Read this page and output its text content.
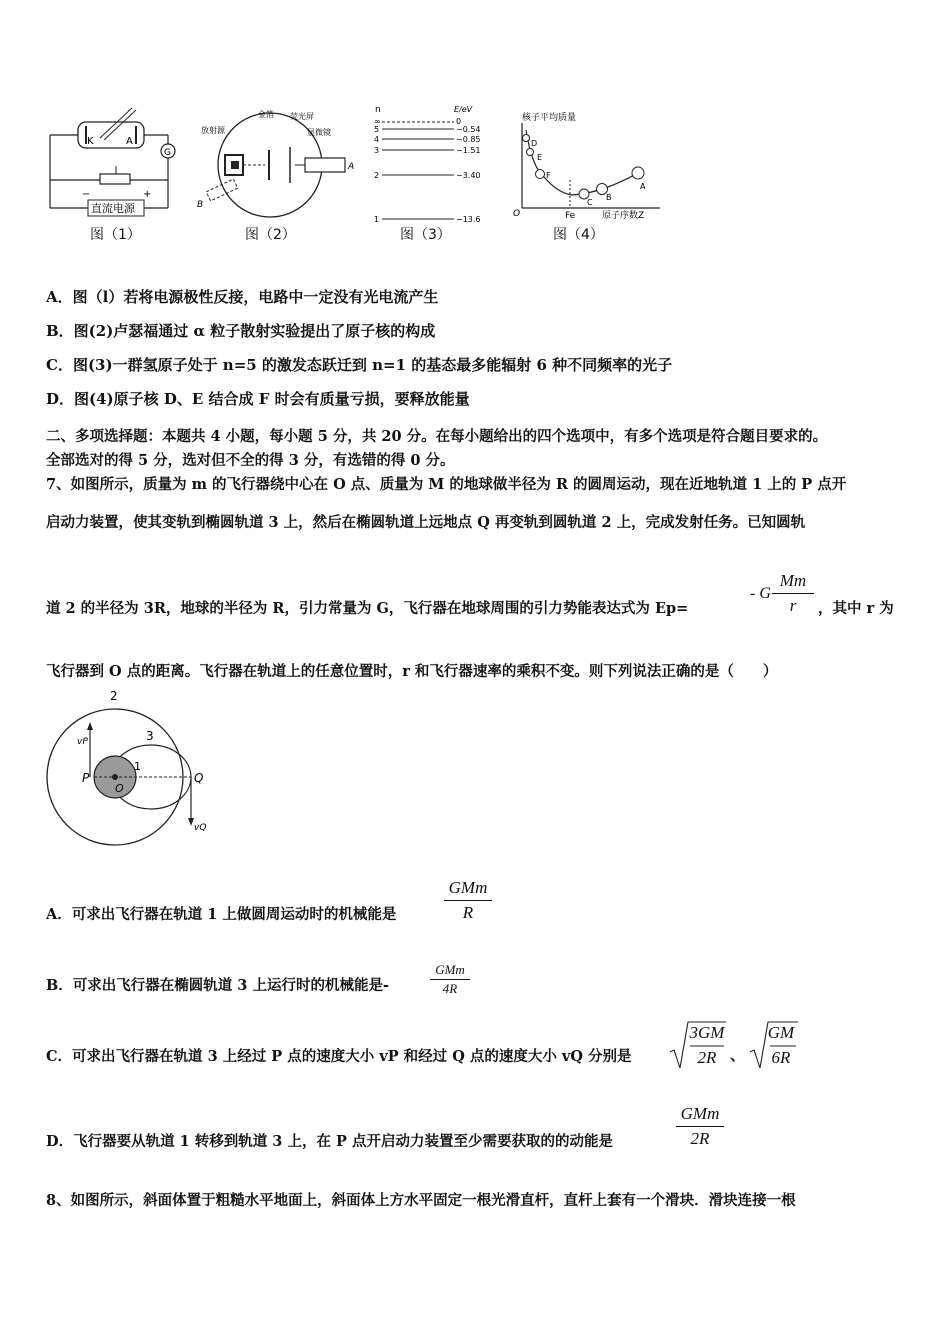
K	A
G
直流电源
−	+
图（1）
金箔
放射源
荧光屏
显微镜
A
B
图（2）
n	E/eV
∞	0
5	−0.54
4	−0.85
3	−1.51
2	−3.40
1	−13.6
图（3）
核子平均质量
O	Fe	原子序数Z
D
E
F
C
B
A
图（4）
A．图（l）若将电源极性反接，电路中一定没有光电流产生
B．图(2)卢瑟福通过 α 粒子散射实验提出了原子核的构成
C．图(3)一群氢原子处于 n=5 的激发态跃迁到 n=1 的基态最多能辐射 6 种不同频率的光子
D．图(4)原子核 D、E 结合成 F 时会有质量亏损，要释放能量
二、多项选择题：本题共 4 小题，每小题 5 分，共 20 分。在每小题给出的四个选项中，有多个选项是符合题目要求的。
全部选对的得 5 分，选对但不全的得 3 分，有选错的得 0 分。
7、如图所示，质量为 m 的飞行器绕中心在 O 点、质量为 M 的地球做半径为 R 的圆周运动，现在近地轨道 1 上的 P 点开
启动力装置，使其变轨到椭圆轨道 3 上，然后在椭圆轨道上远地点 Q 再变轨到圆轨道 2 上，完成发射任务。已知圆轨
道 2 的半径为 3R，地球的半径为 R，引力常量为 G，飞行器在地球周围的引力势能表达式为 Ep=
- G
Mm
r	，其中 r 为
飞行器到 O 点的距离。飞行器在轨道上的任意位置时，r 和飞行器速率的乘积不变。则下列说法正确的是（　　）
2
3
1
P	Q
O
vP
vQ
A．可求出飞行器在轨道 1 上做圆周运动时的机械能是
GMm
R
B．可求出飞行器在椭圆轨道 3 上运行时的机械能是-
GMm
4R
C．可求出飞行器在轨道 3 上经过 P 点的速度大小 vP 和经过 Q 点的速度大小 vQ 分别是
3GM
2R 、
GM
6R
D．飞行器要从轨道 1 转移到轨道 3 上，在 P 点开启动力装置至少需要获取的的动能是
GMm
2R
8、如图所示，斜面体置于粗糙水平地面上，斜面体上方水平固定一根光滑直杆，直杆上套有一个滑块．滑块连接一根
